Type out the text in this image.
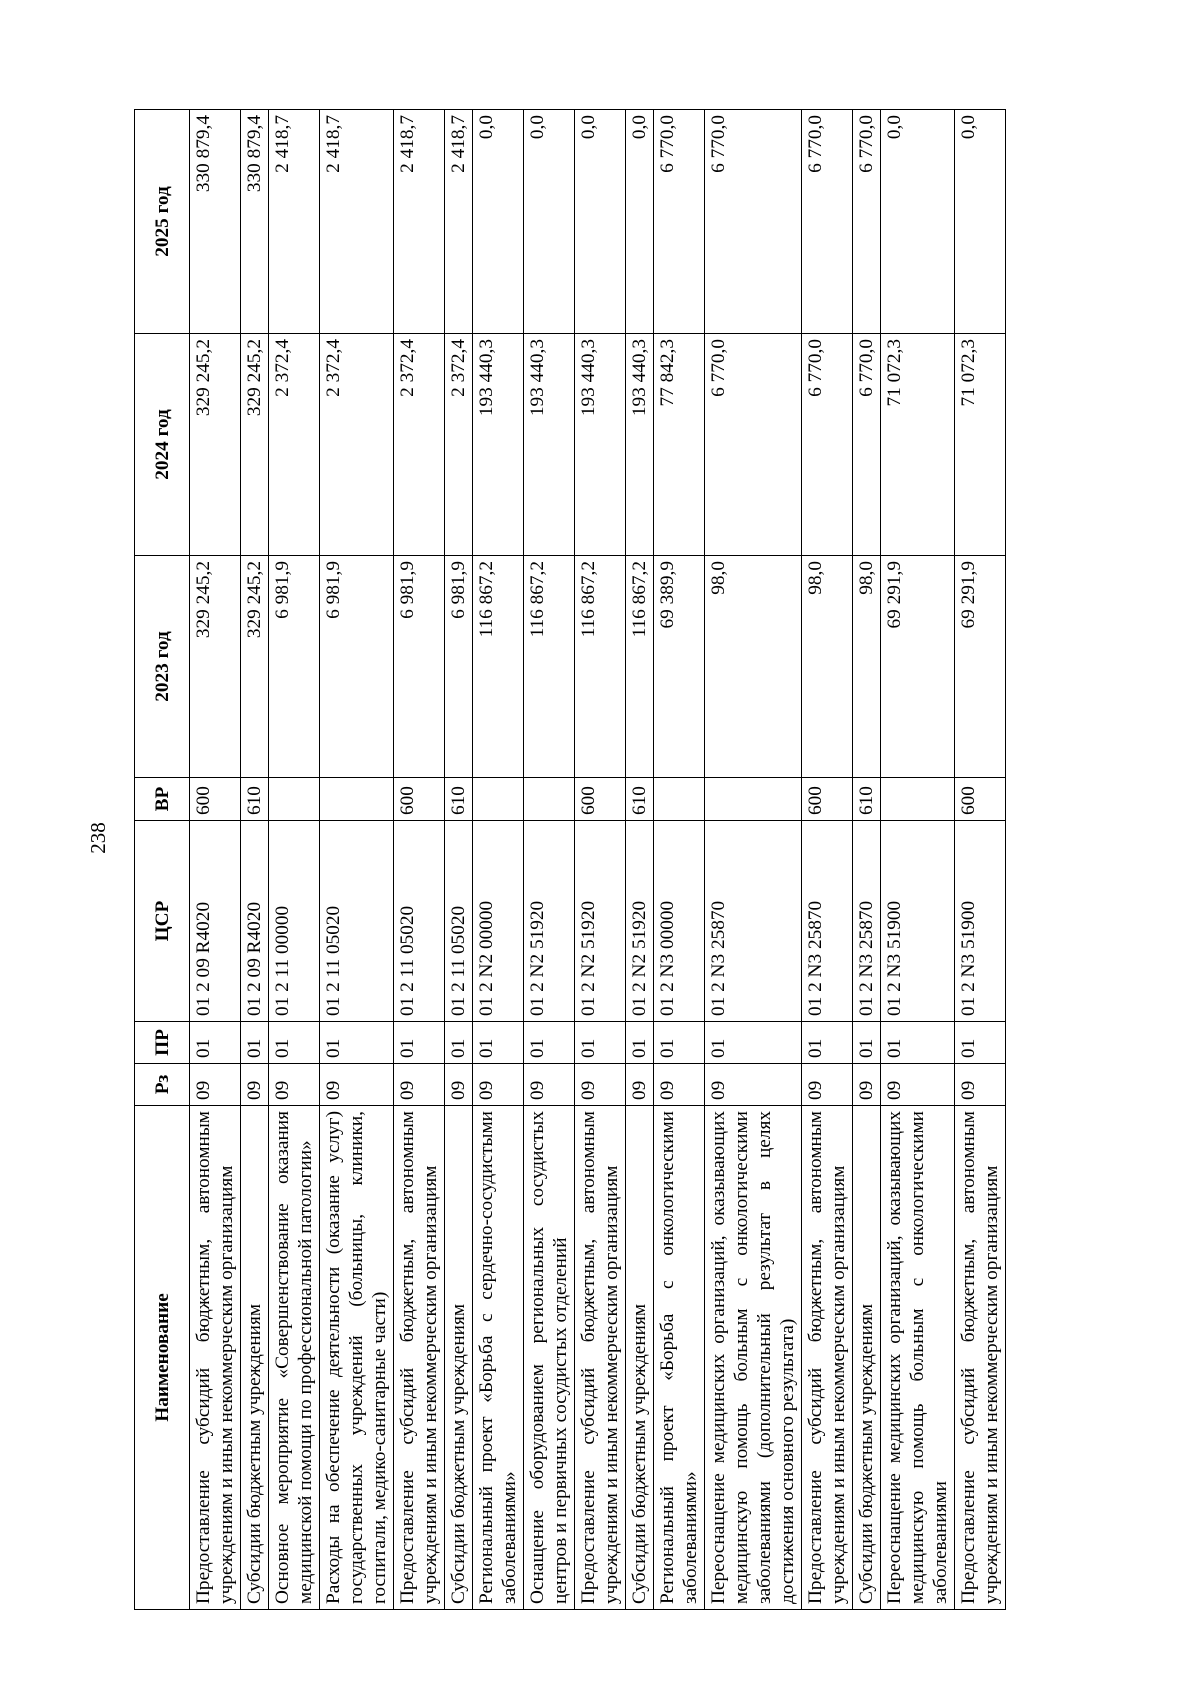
238
Наименование	Рз	ПР	ЦСР	ВР	2023 год	2024 год	2025 год
Предоставление субсидий бюджетным, автономным учреждениям и иным некоммерческим организациям	09	01	01 2 09 R4020	600	329 245,2	329 245,2	330 879,4
Субсидии бюджетным учреждениям	09	01	01 2 09 R4020	610	329 245,2	329 245,2	330 879,4
Основное мероприятие «Совершенствование оказания медицинской помощи по профессиональной патологии»	09	01	01 2 11 00000		6 981,9	2 372,4	2 418,7
Расходы на обеспечение деятельности (оказание услуг) государственных учреждений (больницы, клиники, госпитали, медико-санитарные части)	09	01	01 2 11 05020		6 981,9	2 372,4	2 418,7
Предоставление субсидий бюджетным, автономным учреждениям и иным некоммерческим организациям	09	01	01 2 11 05020	600	6 981,9	2 372,4	2 418,7
Субсидии бюджетным учреждениям	09	01	01 2 11 05020	610	6 981,9	2 372,4	2 418,7
Региональный проект «Борьба с сердечно-сосудистыми заболеваниями»	09	01	01 2 N2 00000		116 867,2	193 440,3	0,0
Оснащение оборудованием региональных сосудистых центров и первичных сосудистых отделений	09	01	01 2 N2 51920		116 867,2	193 440,3	0,0
Предоставление субсидий бюджетным, автономным учреждениям и иным некоммерческим организациям	09	01	01 2 N2 51920	600	116 867,2	193 440,3	0,0
Субсидии бюджетным учреждениям	09	01	01 2 N2 51920	610	116 867,2	193 440,3	0,0
Региональный проект «Борьба с онкологическими заболеваниями»	09	01	01 2 N3 00000		69 389,9	77 842,3	6 770,0
Переоснащение медицинских организаций, оказывающих медицинскую помощь больным с онкологическими заболеваниями (дополнительный результат в целях достижения основного результата)	09	01	01 2 N3 25870		98,0	6 770,0	6 770,0
Предоставление субсидий бюджетным, автономным учреждениям и иным некоммерческим организациям	09	01	01 2 N3 25870	600	98,0	6 770,0	6 770,0
Субсидии бюджетным учреждениям	09	01	01 2 N3 25870	610	98,0	6 770,0	6 770,0
Переоснащение медицинских организаций, оказывающих медицинскую помощь больным с онкологическими заболеваниями	09	01	01 2 N3 51900		69 291,9	71 072,3	0,0
Предоставление субсидий бюджетным, автономным учреждениям и иным некоммерческим организациям	09	01	01 2 N3 51900	600	69 291,9	71 072,3	0,0
